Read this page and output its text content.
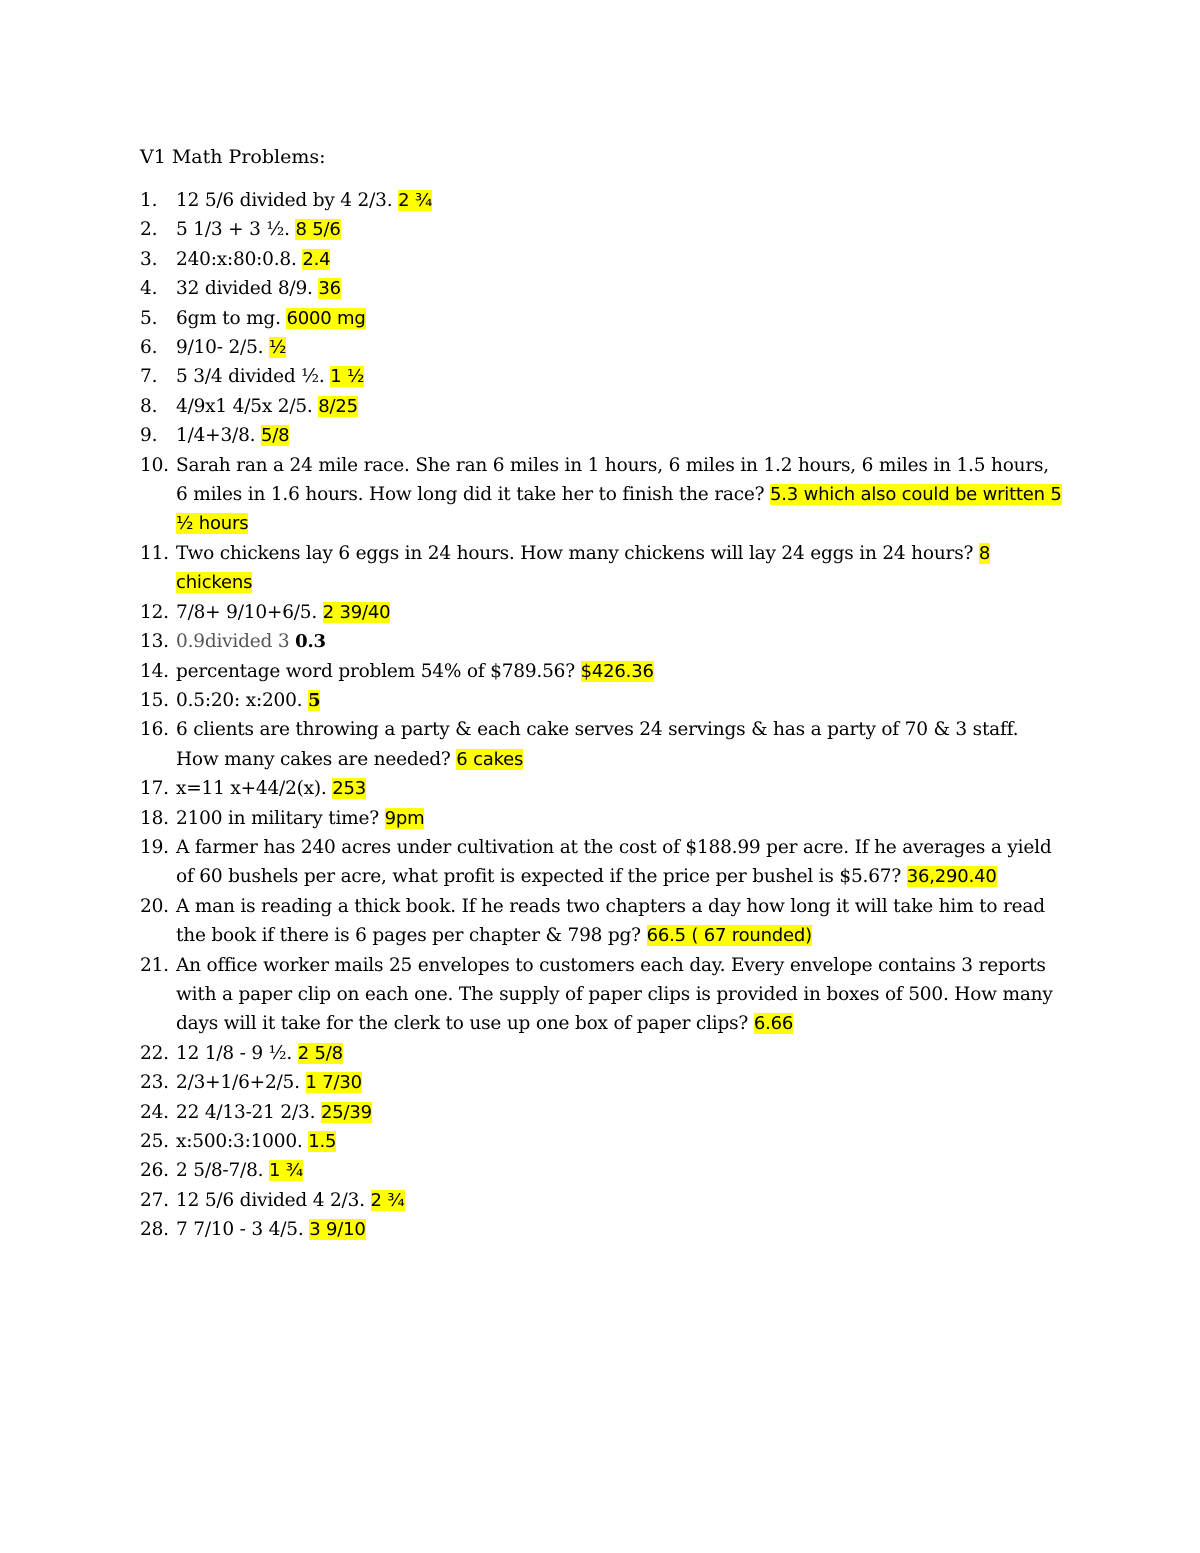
V1 Math Problems:
1.	12 5/6 divided by 4 2/3. 2 ¾
2.	5 1/3 + 3 ½. 8 5/6
3.	240:x:80:0.8. 2.4
4.	32 divided 8/9. 36
5.	6gm to mg. 6000 mg
6.	9/10- 2/5. ½
7.	5 3/4 divided ½. 1 ½
8.	4/9x1 4/5x 2/5. 8/25
9.	1/4+3/8. 5/8
10. Sarah ran a 24 mile race. She ran 6 miles in 1 hours, 6 miles in 1.2 hours, 6 miles in 1.5 hours, 6 miles in 1.6 hours. How long did it take her to finish the race? 5.3 which also could be written 5 ½ hours
11. Two chickens lay 6 eggs in 24 hours. How many chickens will lay 24 eggs in 24 hours? 8 chickens
12. 7/8+ 9/10+6/5. 2 39/40
13. 0.9divided 3 0.3
14. percentage word problem 54% of $789.56? $426.36
15. 0.5:20: x:200. 5
16. 6 clients are throwing a party & each cake serves 24 servings & has a party of 70 & 3 staff. How many cakes are needed? 6 cakes
17. x=11 x+44/2(x). 253
18. 2100 in military time? 9pm
19. A farmer has 240 acres under cultivation at the cost of $188.99 per acre. If he averages a yield of 60 bushels per acre, what profit is expected if the price per bushel is $5.67? 36,290.40
20. A man is reading a thick book. If he reads two chapters a day how long it will take him to read the book if there is 6 pages per chapter & 798 pg? 66.5 ( 67 rounded)
21. An office worker mails 25 envelopes to customers each day. Every envelope contains 3 reports with a paper clip on each one. The supply of paper clips is provided in boxes of 500. How many days will it take for the clerk to use up one box of paper clips? 6.66
22. 12 1/8 - 9 ½. 2 5/8
23. 2/3+1/6+2/5. 1 7/30
24. 22 4/13-21 2/3. 25/39
25. x:500:3:1000. 1.5
26. 2 5/8-7/8. 1 ¾
27. 12 5/6 divided 4 2/3. 2 ¾
28. 7 7/10 - 3 4/5. 3 9/10
